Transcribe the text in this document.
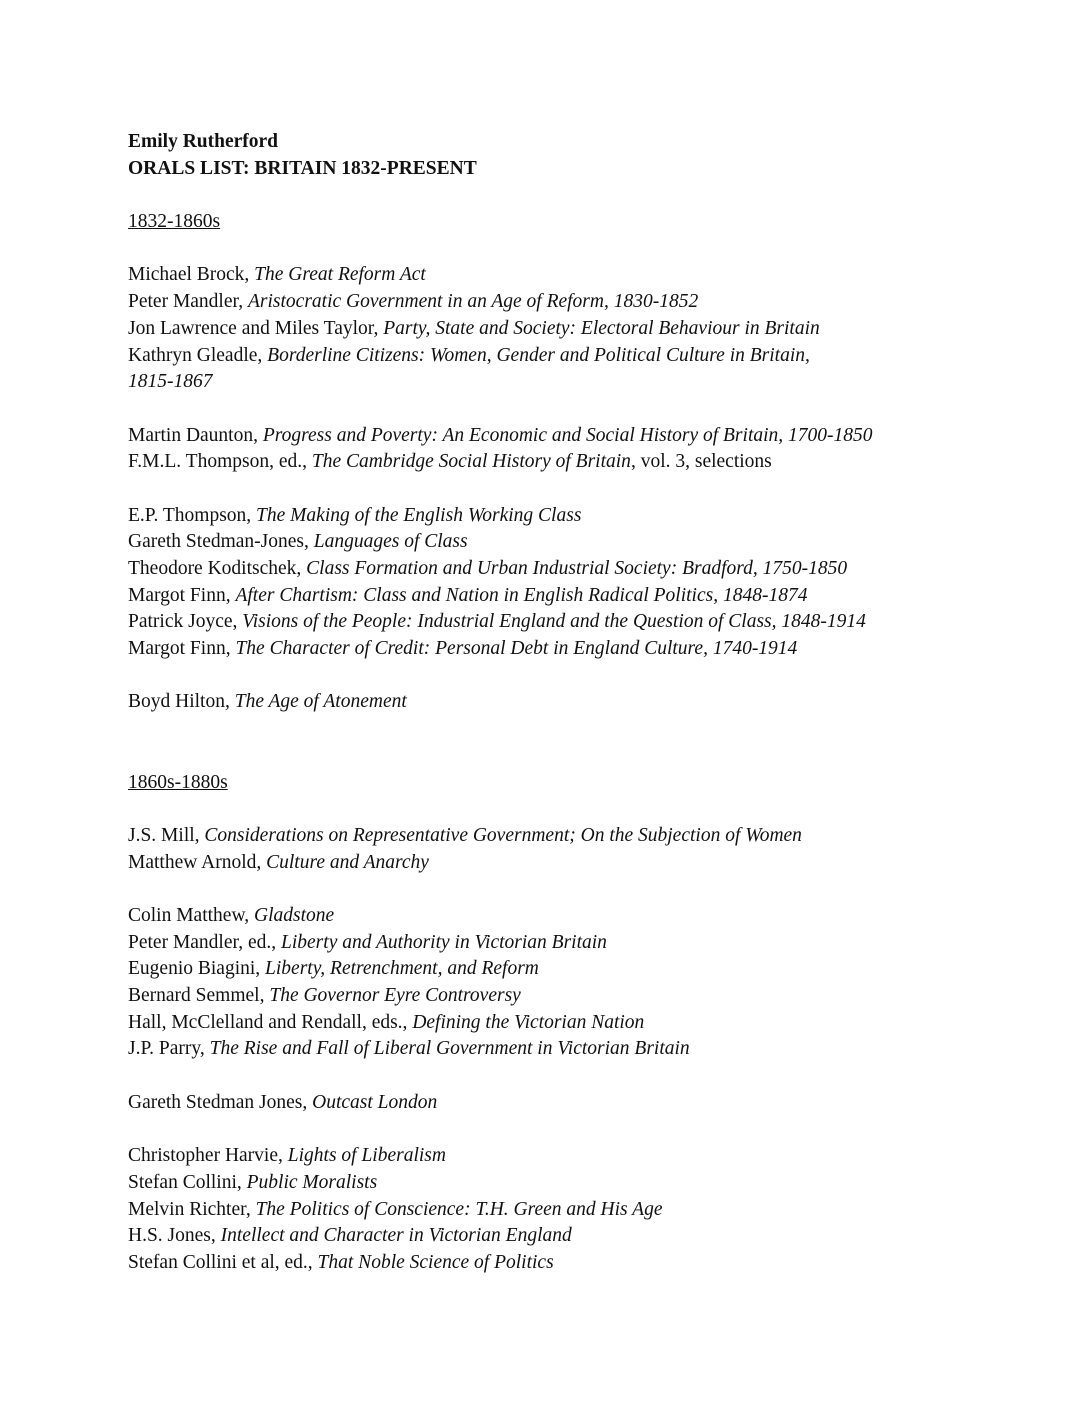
Emily Rutherford
ORALS LIST: BRITAIN 1832-PRESENT
1832-1860s
Michael Brock, The Great Reform Act
Peter Mandler, Aristocratic Government in an Age of Reform, 1830-1852
Jon Lawrence and Miles Taylor, Party, State and Society: Electoral Behaviour in Britain
Kathryn Gleadle, Borderline Citizens: Women, Gender and Political Culture in Britain,
1815-1867
Martin Daunton, Progress and Poverty: An Economic and Social History of Britain, 1700-1850
F.M.L. Thompson, ed., The Cambridge Social History of Britain, vol. 3, selections
E.P. Thompson, The Making of the English Working Class
Gareth Stedman-Jones, Languages of Class
Theodore Koditschek, Class Formation and Urban Industrial Society: Bradford, 1750-1850
Margot Finn, After Chartism: Class and Nation in English Radical Politics, 1848-1874
Patrick Joyce, Visions of the People: Industrial England and the Question of Class, 1848-1914
Margot Finn, The Character of Credit: Personal Debt in England Culture, 1740-1914
Boyd Hilton, The Age of Atonement
1860s-1880s
J.S. Mill, Considerations on Representative Government; On the Subjection of Women
Matthew Arnold, Culture and Anarchy
Colin Matthew, Gladstone
Peter Mandler, ed., Liberty and Authority in Victorian Britain
Eugenio Biagini, Liberty, Retrenchment, and Reform
Bernard Semmel, The Governor Eyre Controversy
Hall, McClelland and Rendall, eds., Defining the Victorian Nation
J.P. Parry, The Rise and Fall of Liberal Government in Victorian Britain
Gareth Stedman Jones, Outcast London
Christopher Harvie, Lights of Liberalism
Stefan Collini, Public Moralists
Melvin Richter, The Politics of Conscience: T.H. Green and His Age
H.S. Jones, Intellect and Character in Victorian England
Stefan Collini et al, ed., That Noble Science of Politics
